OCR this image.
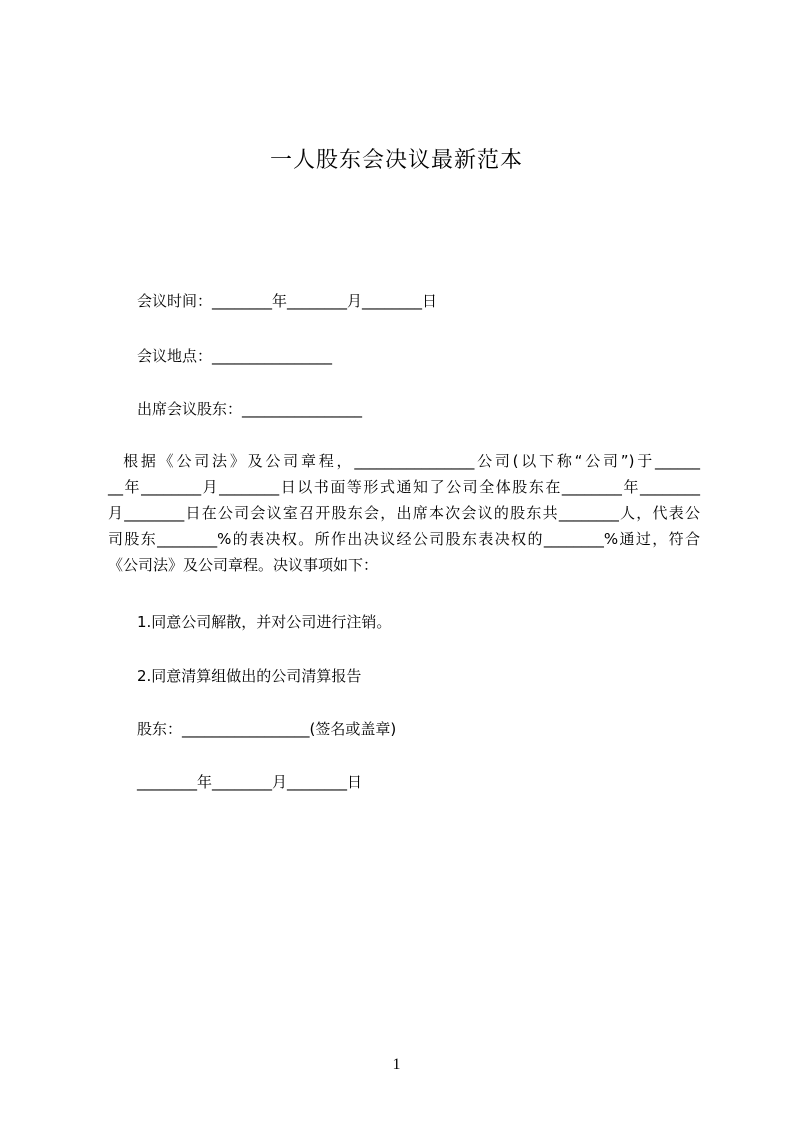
一人股东会决议最新范本
会议时间：________年________月________日
会议地点：________________
出席会议股东：________________
根据《公司法》及公司章程，________________公司(以下称“公司”)于______
__年________月________日以书面等形式通知了公司全体股东在________年________
月________日在公司会议室召开股东会，出席本次会议的股东共________人，代表公
司股东________%的表决权。所作出决议经公司股东表决权的________%通过，符合
《公司法》及公司章程。决议事项如下：
1.同意公司解散，并对公司进行注销。
2.同意清算组做出的公司清算报告
股东：_________________(签名或盖章)
________年________月________日
1
